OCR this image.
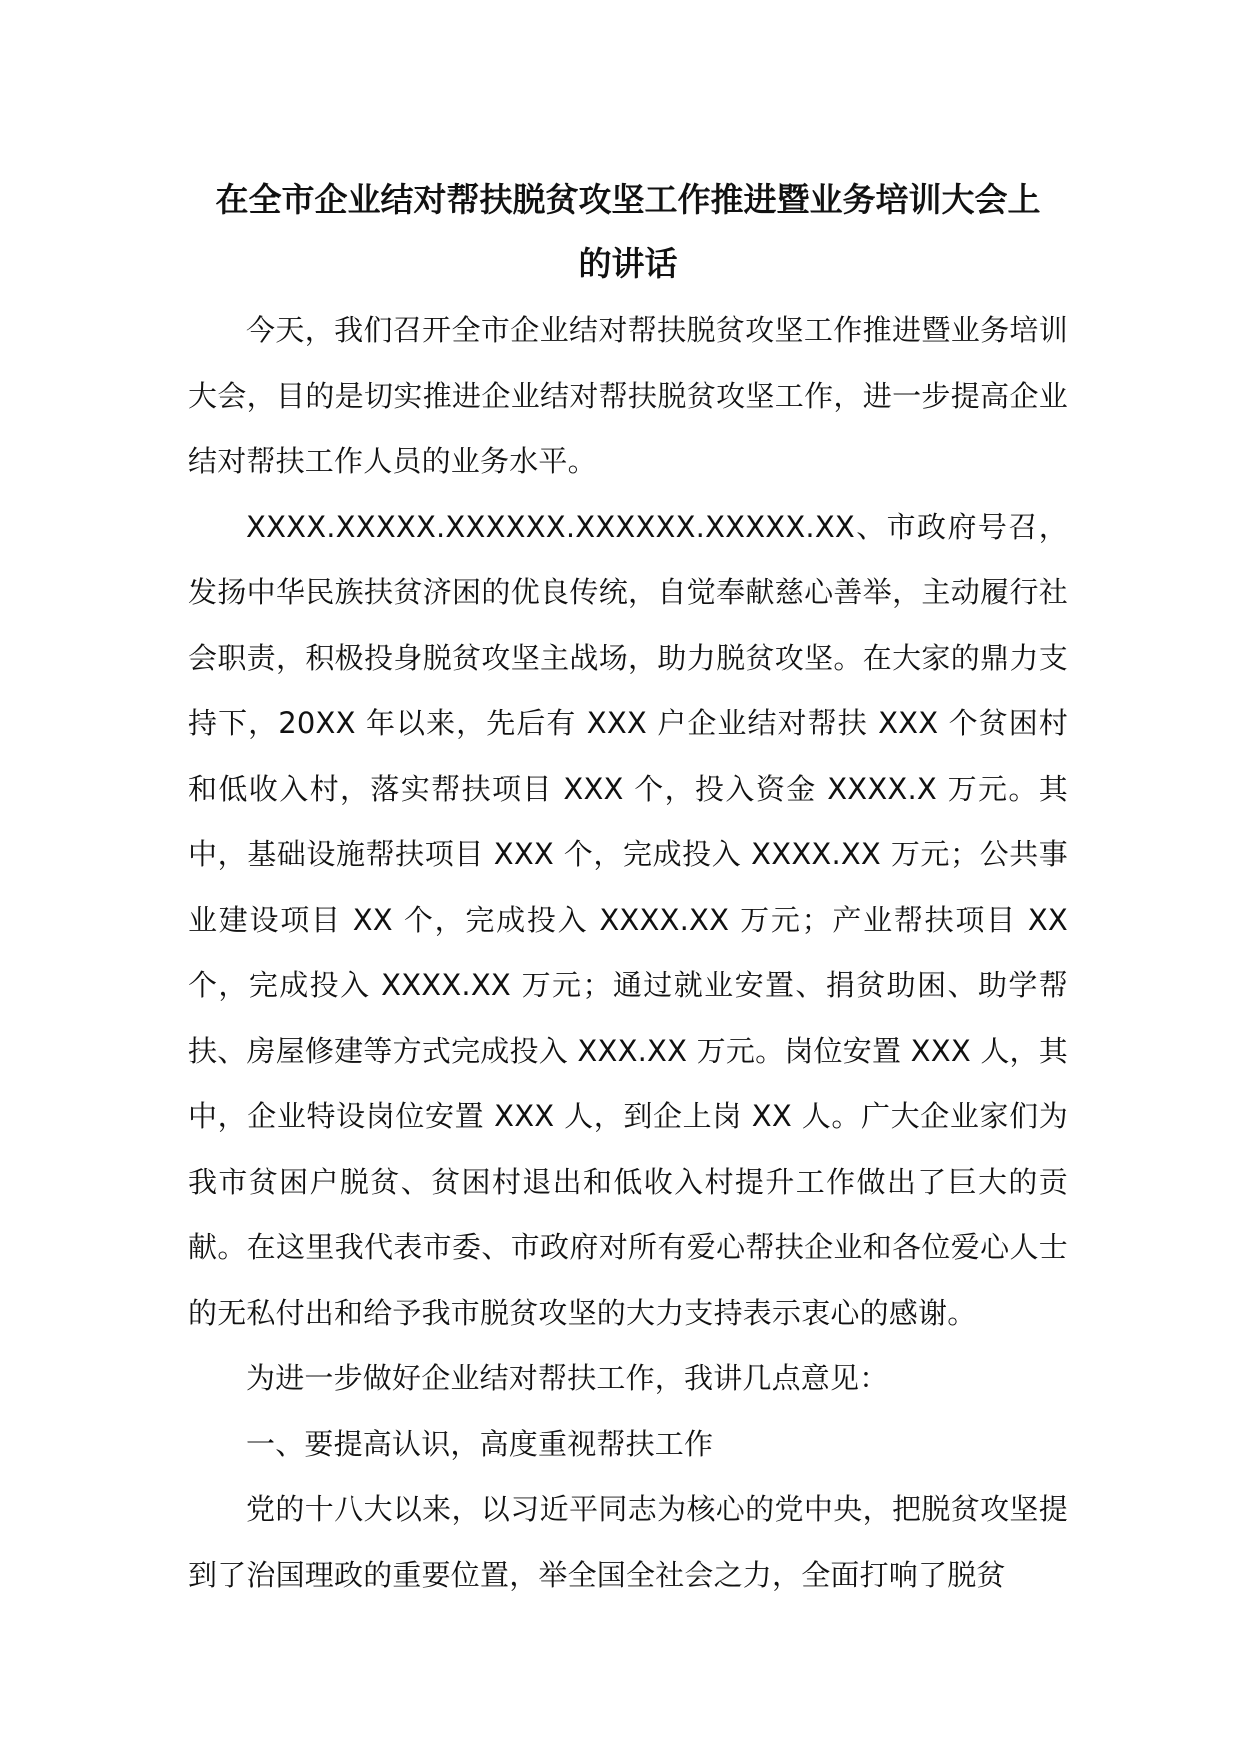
在全市企业结对帮扶脱贫攻坚工作推进暨业务培训大会上
的讲话

今天，我们召开全市企业结对帮扶脱贫攻坚工作推进暨业务培训大会，目的是切实推进企业结对帮扶脱贫攻坚工作，进一步提高企业结对帮扶工作人员的业务水平。

XXXX.XXXXX.XXXXXX.XXXXXX.XXXXX.XX、市政府号召，发扬中华民族扶贫济困的优良传统，自觉奉献慈心善举，主动履行社会职责，积极投身脱贫攻坚主战场，助力脱贫攻坚。在大家的鼎力支持下，20XX 年以来，先后有 XXX 户企业结对帮扶 XXX 个贫困村和低收入村，落实帮扶项目 XXX 个，投入资金 XXXX.X 万元。其中，基础设施帮扶项目 XXX 个，完成投入 XXXX.XX 万元；公共事业建设项目 XX 个，完成投入 XXXX.XX 万元；产业帮扶项目 XX 个，完成投入 XXXX.XX 万元；通过就业安置、捐贫助困、助学帮扶、房屋修建等方式完成投入 XXX.XX 万元。岗位安置 XXX 人，其中，企业特设岗位安置 XXX 人，到企上岗 XX 人。广大企业家们为我市贫困户脱贫、贫困村退出和低收入村提升工作做出了巨大的贡献。在这里我代表市委、市政府对所有爱心帮扶企业和各位爱心人士的无私付出和给予我市脱贫攻坚的大力支持表示衷心的感谢。

为进一步做好企业结对帮扶工作，我讲几点意见：

一、要提高认识，高度重视帮扶工作

党的十八大以来，以习近平同志为核心的党中央，把脱贫攻坚提到了治国理政的重要位置，举全国全社会之力，全面打响了脱贫
